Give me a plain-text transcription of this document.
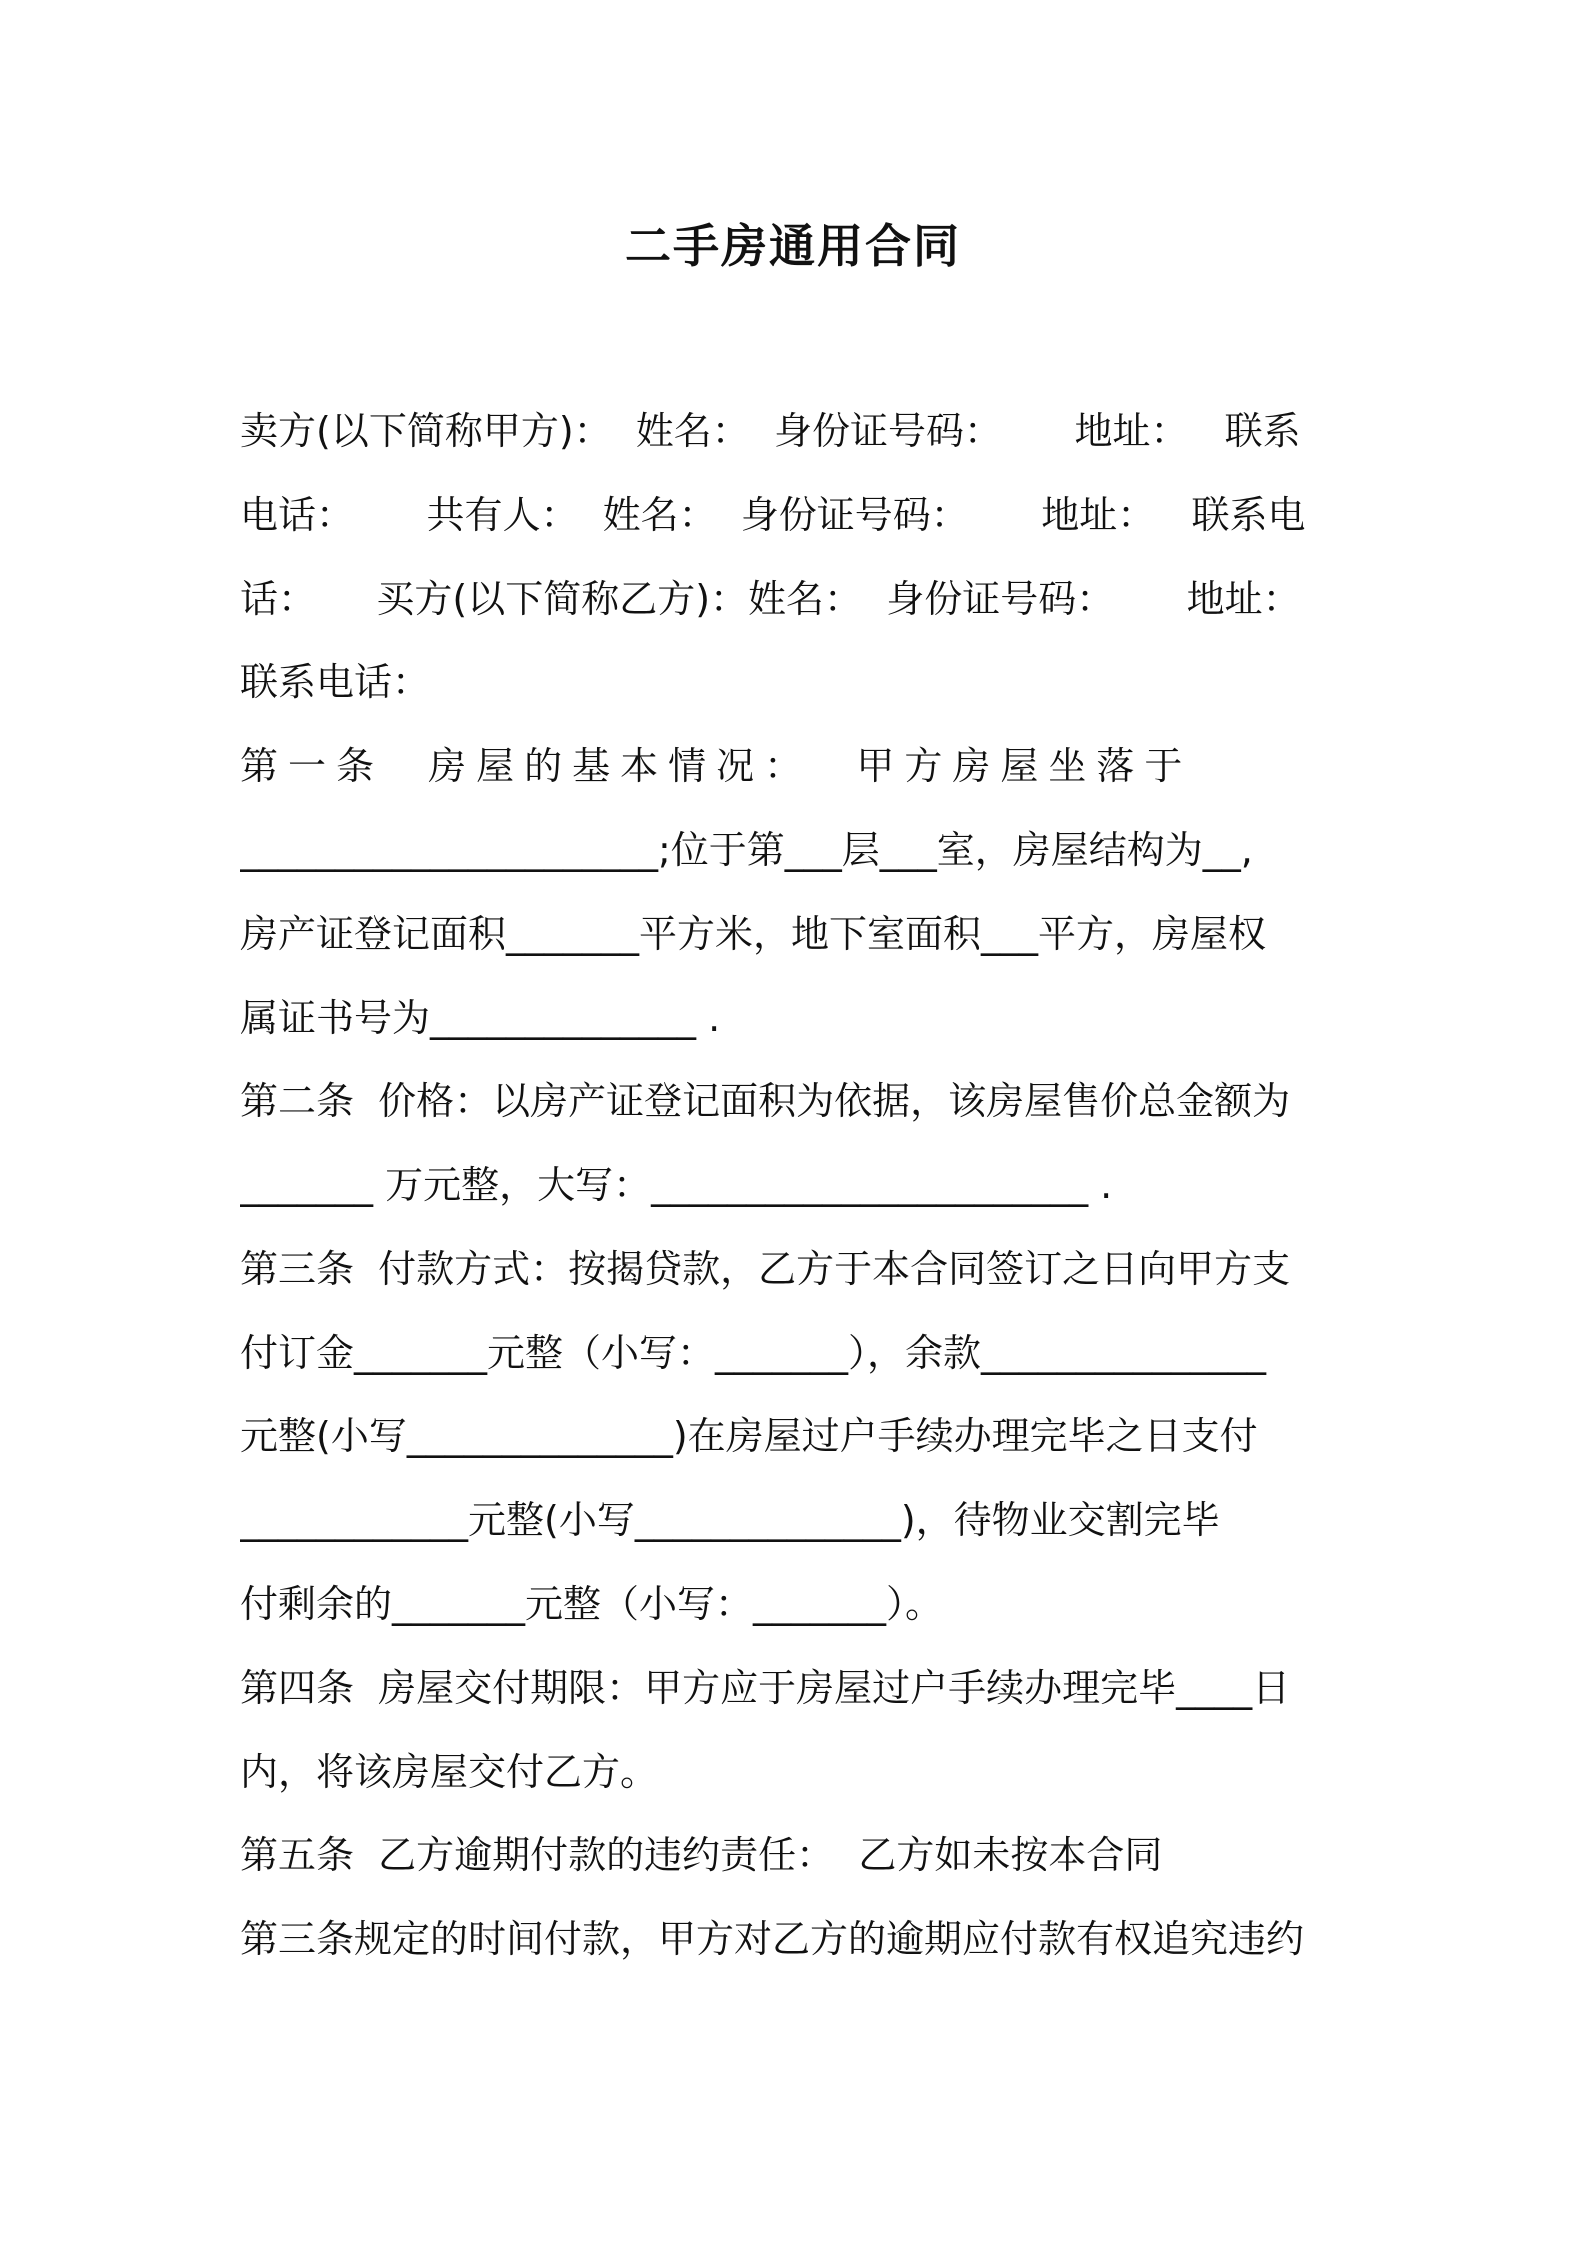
二手房通用合同
卖方(以下简称甲方)：  姓名：  身份证号码：      地址：   联系
电话：      共有人：  姓名：  身份证号码：      地址：   联系电
话：     买方(以下简称乙方)：姓名：  身份证号码：      地址：
联系电话：
第一条  房屋的基本情况：  甲方房屋坐落于
______________________;位于第___层___室，房屋结构为__,
房产证登记面积_______平方米，地下室面积___平方，房屋权
属证书号为______________ .
第二条  价格：以房产证登记面积为依据，该房屋售价总金额为
_______ 万元整，大写：_______________________ .
第三条  付款方式：按揭贷款，乙方于本合同签订之日向甲方支
付订金_______元整（小写：_______），余款_______________
元整(小写______________)在房屋过户手续办理完毕之日支付
____________元整(小写______________)，待物业交割完毕
付剩余的_______元整（小写：_______）。
第四条  房屋交付期限：甲方应于房屋过户手续办理完毕____日
内，将该房屋交付乙方。
第五条  乙方逾期付款的违约责任：  乙方如未按本合同
第三条规定的时间付款，甲方对乙方的逾期应付款有权追究违约
